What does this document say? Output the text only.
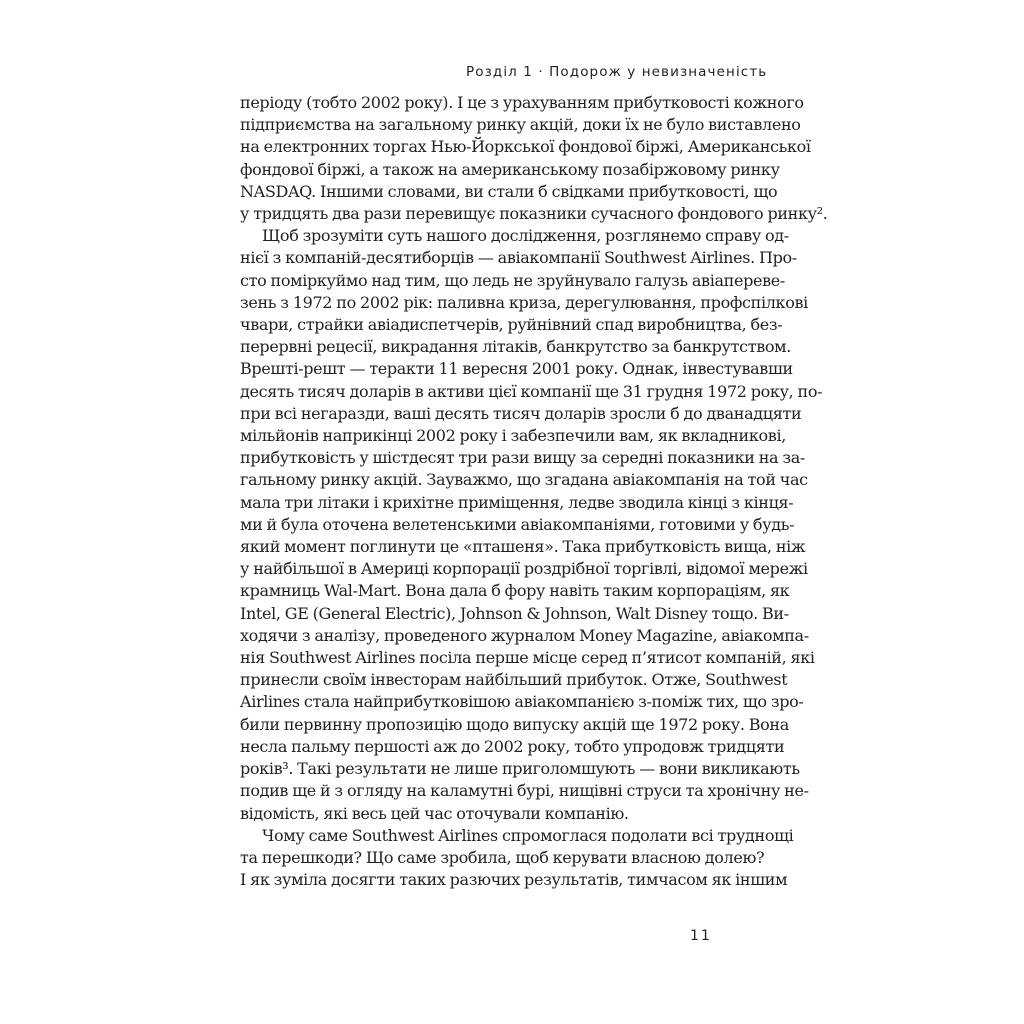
Розділ 1 · Подорож у невизначеність
періоду (тобто 2002 року). І це з урахуванням прибутковості кожного
підприємства на загальному ринку акцій, доки їх не було виставлено
на електронних торгах Нью-Йоркської фондової біржі, Американської
фондової біржі, а також на американському позабіржовому ринку
NASDAQ. Іншими словами, ви стали б свідками прибутковості, що
у тридцять два рази перевищує показники сучасного фондового ринку².
Щоб зрозуміти суть нашого дослідження, розглянемо справу од-
нієї з компаній-десятиборців — авіакомпанії Southwest Airlines. Про-
сто поміркуймо над тим, що ледь не зруйнувало галузь авіаперeве-
зень з 1972 по 2002 рік: паливна криза, дерегулювання, профспілкові
чвари, страйки авіадиспетчерів, руйнівний спад виробництва, без-
перервні рецесії, викрадання літаків, банкрутство за банкрутством.
Врешті-решт — теракти 11 вересня 2001 року. Однак, інвестувавши
десять тисяч доларів в активи цієї компанії ще 31 грудня 1972 року, по-
при всі негаразди, ваші десять тисяч доларів зросли б до дванадцяти
мільйонів наприкінці 2002 року і забезпечили вам, як вкладникові,
прибутковість у шістдесят три рази вищу за середні показники на за-
гальному ринку акцій. Зауважмо, що згадана авіакомпанія на той час
мала три літаки і крихітне приміщення, ледве зводила кінці з кінця-
ми й була оточена велетенськими авіакомпаніями, готовими у будь-
який момент поглинути це «пташеня». Така прибутковість вища, ніж
у найбільшої в Америці корпорації роздрібної торгівлі, відомої мережі
крамниць Wal-Mart. Вона дала б фору навіть таким корпораціям, як
Intel, GE (General Electric), Johnson & Johnson, Walt Disney тощо. Ви-
ходячи з аналізу, проведеного журналом Money Magazine, авіакомпа-
нія Southwest Airlines посіла перше місце серед п’ятисот компаній, які
принесли своїм інвесторам найбільший прибуток. Отже, Southwest
Airlines стала найприбутковішою авіакомпанією з-поміж тих, що зро-
били первинну пропозицію щодо випуску акцій ще 1972 року. Вона
несла пальму першості аж до 2002 року, тобто упродовж тридцяти
років³. Такі результати не лише приголомшують — вони викликають
подив ще й з огляду на каламутні бурі, нищівні струси та хронічну не-
відомість, які весь цей час оточували компанію.
Чому саме Southwest Airlines спромоглася подолати всі труднощі
та перешкоди? Що саме зробила, щоб керувати власною долею?
І як зуміла досягти таких разючих результатів, тимчасом як іншим
11
